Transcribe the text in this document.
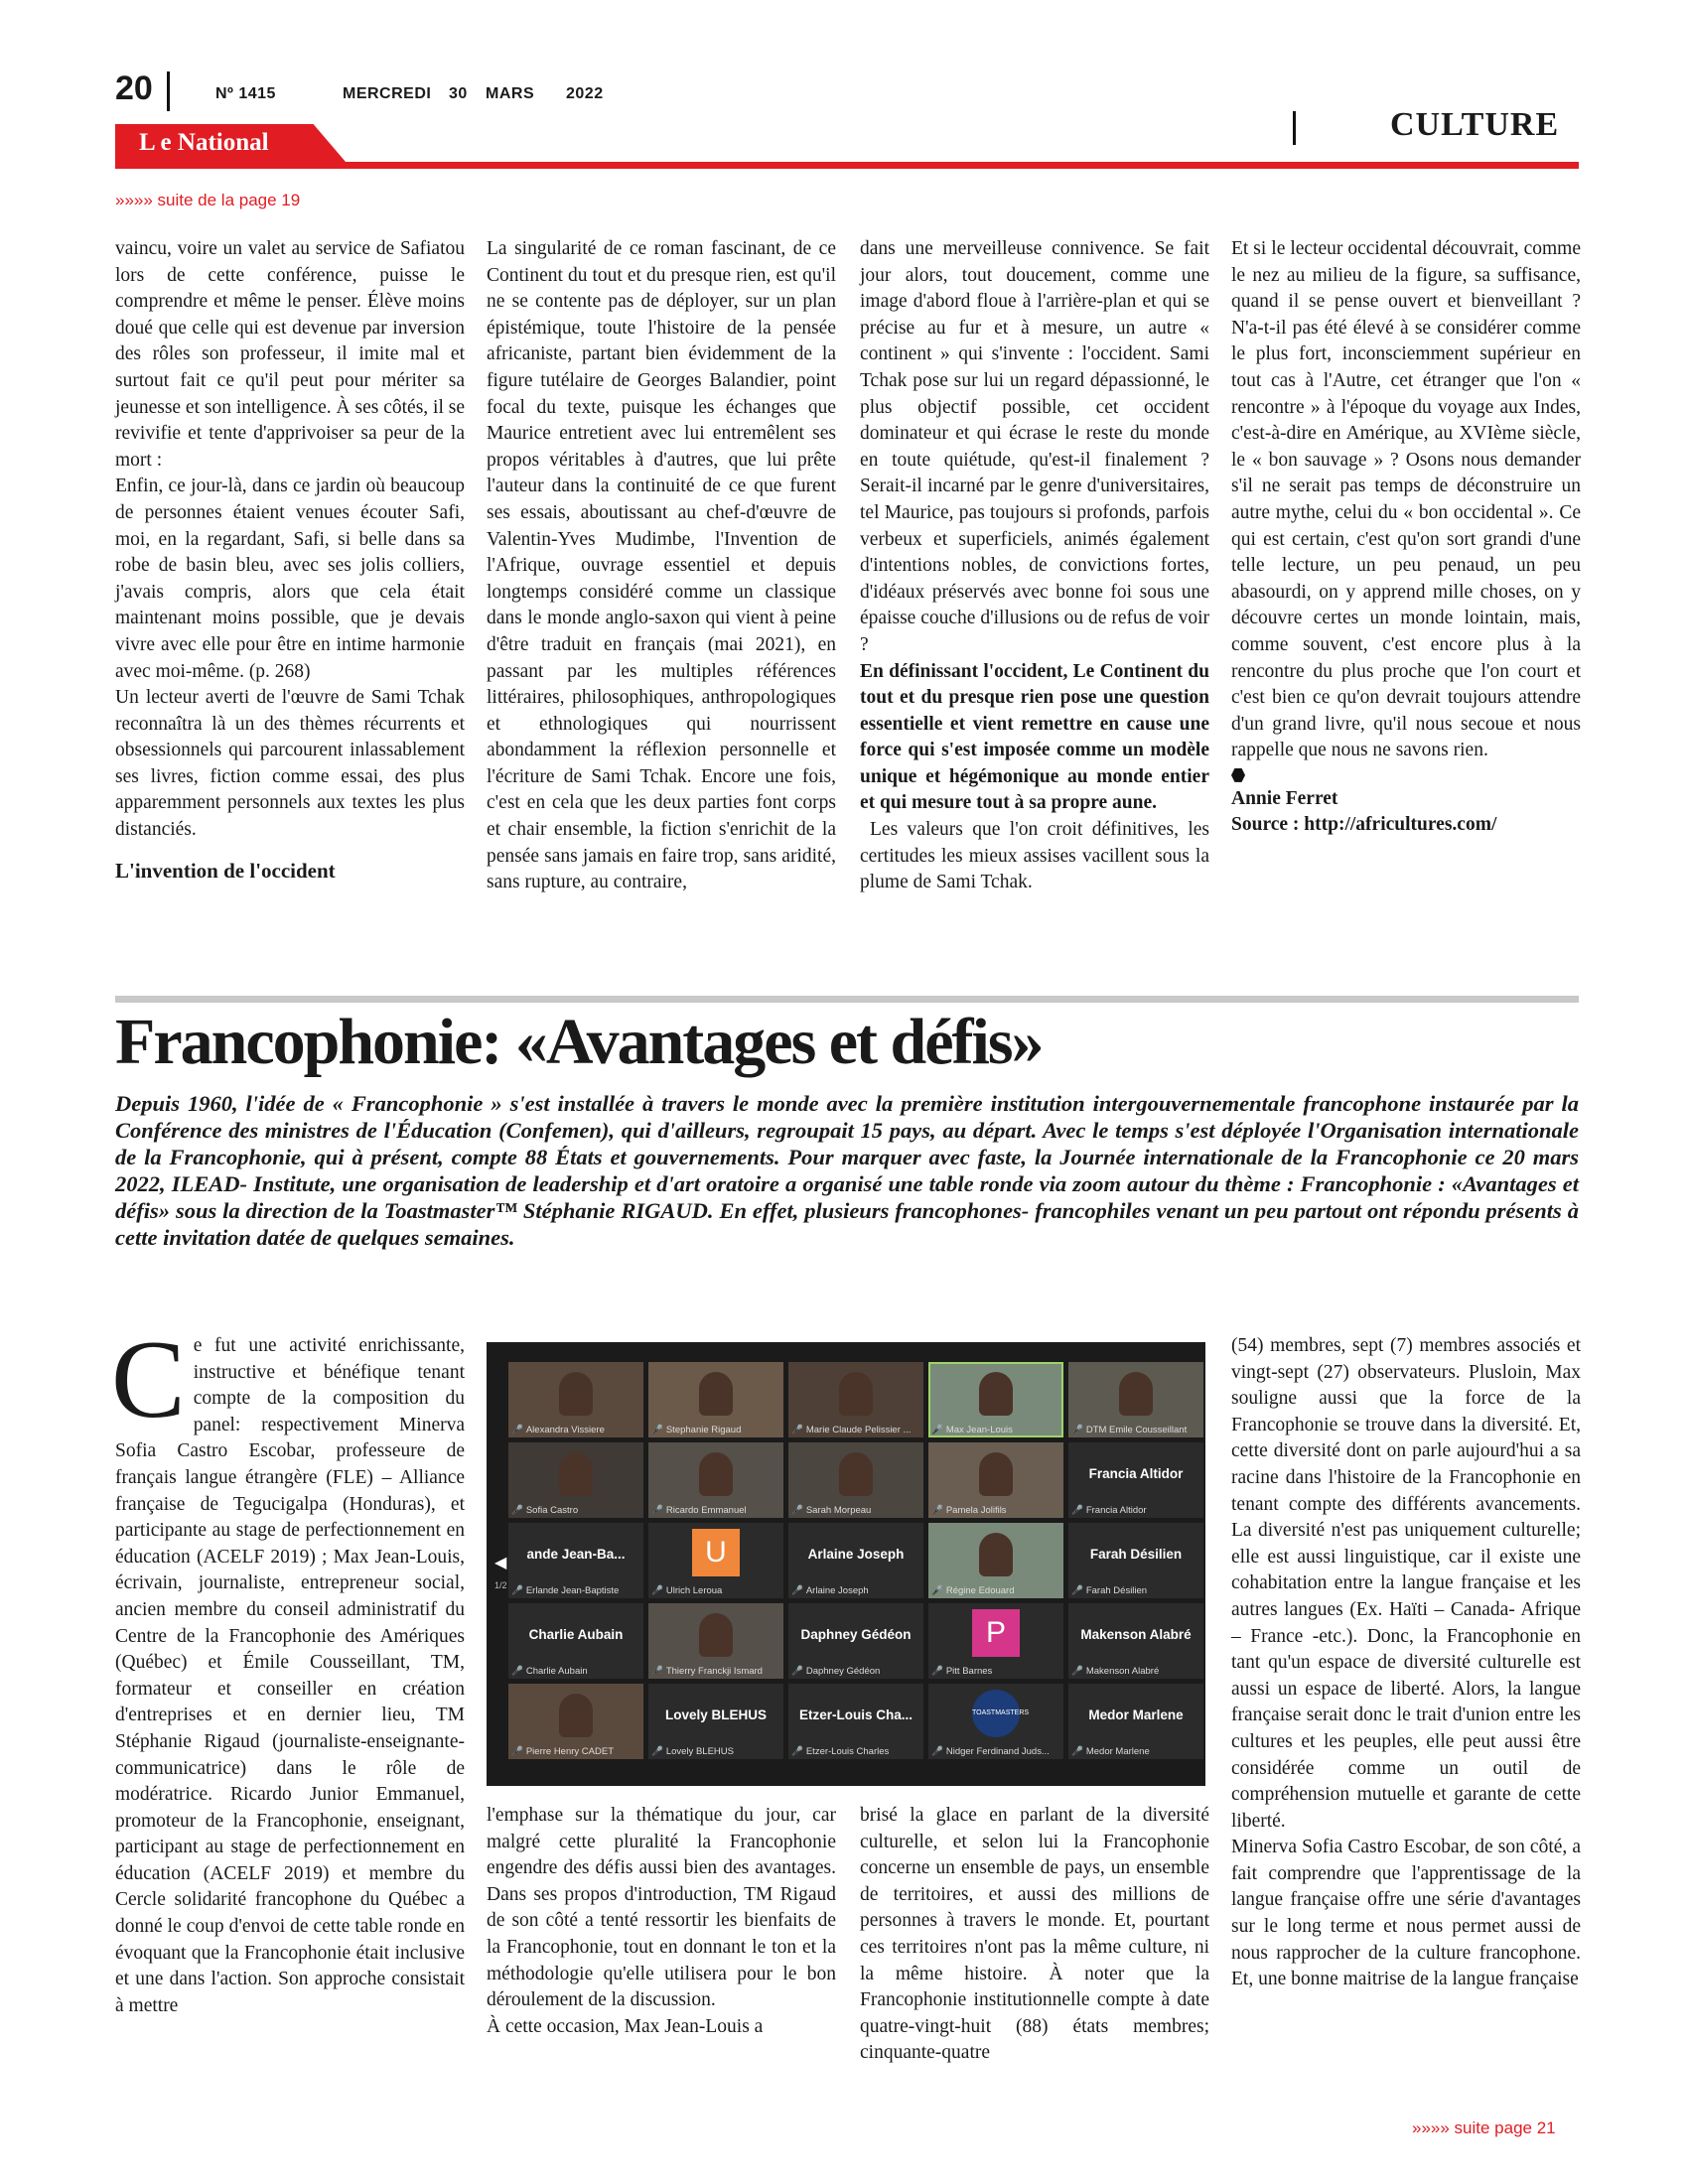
20	Nº 1415	MERCREDI 30 MARS 2022
L e National	CULTURE
»»»» suite de la page 19

vaincu, voire un valet au service de Safiatou lors de cette conférence, puisse le comprendre et même le penser. Élève moins doué que celle qui est devenue par inversion des rôles son professeur, il imite mal et surtout fait ce qu'il peut pour mériter sa jeunesse et son intelligence. À ses côtés, il se revivifie et tente d'apprivoiser sa peur de la mort :

Enfin, ce jour-là, dans ce jardin où beaucoup de personnes étaient venues écouter Safi, moi, en la regardant, Safi, si belle dans sa robe de basin bleu, avec ses jolis colliers, j'avais compris, alors que cela était maintenant moins possible, que je devais vivre avec elle pour être en intime harmonie avec moi-même. (p. 268)

Un lecteur averti de l'œuvre de Sami Tchak reconnaîtra là un des thèmes récurrents et obsessionnels qui parcourent inlassablement ses livres, fiction comme essai, des plus apparemment personnels aux textes les plus distanciés.

L'invention de l'occident

La singularité de ce roman fascinant, de ce Continent du tout et du presque rien, est qu'il ne se contente pas de déployer, sur un plan épistémique, toute l'histoire de la pensée africaniste, partant bien évidemment de la figure tutélaire de Georges Balandier, point focal du texte, puisque les échanges que Maurice entretient avec lui entremêlent ses propos véritables à d'autres, que lui prête l'auteur dans la continuité de ce que furent ses essais, aboutissant au chef-d'œuvre de Valentin-Yves Mudimbe, l'Invention de l'Afrique, ouvrage essentiel et depuis longtemps considéré comme un classique dans le monde anglo-saxon qui vient à peine d'être traduit en français (mai 2021), en passant par les multiples références littéraires, philosophiques, anthropologiques et ethnologiques qui nourrissent abondamment la réflexion personnelle et l'écriture de Sami Tchak. Encore une fois, c'est en cela que les deux parties font corps et chair ensemble, la fiction s'enrichit de la pensée sans jamais en faire trop, sans aridité, sans rupture, au contraire,

dans une merveilleuse connivence. Se fait jour alors, tout doucement, comme une image d'abord floue à l'arrière-plan et qui se précise au fur et à mesure, un autre « continent » qui s'invente : l'occident. Sami Tchak pose sur lui un regard dépassionné, le plus objectif possible, cet occident dominateur et qui écrase le reste du monde en toute quiétude, qu'est-il finalement ? Serait-il incarné par le genre d'universitaires, tel Maurice, pas toujours si profonds, parfois verbeux et superficiels, animés également d'intentions nobles, de convictions fortes, d'idéaux préservés avec bonne foi sous une épaisse couche d'illusions ou de refus de voir ?

En définissant l'occident, Le Continent du tout et du presque rien pose une question essentielle et vient remettre en cause une force qui s'est imposée comme un modèle unique et hégémonique au monde entier et qui mesure tout à sa propre aune.

Les valeurs que l'on croit définitives, les certitudes les mieux assises vacillent sous la plume de Sami Tchak.

Et si le lecteur occidental découvrait, comme le nez au milieu de la figure, sa suffisance, quand il se pense ouvert et bienveillant ? N'a-t-il pas été élevé à se considérer comme le plus fort, inconsciemment supérieur en tout cas à l'Autre, cet étranger que l'on « rencontre » à l'époque du voyage aux Indes, c'est-à-dire en Amérique, au XVIème siècle, le « bon sauvage » ? Osons nous demander s'il ne serait pas temps de déconstruire un autre mythe, celui du « bon occidental ». Ce qui est certain, c'est qu'on sort grandi d'une telle lecture, un peu penaud, un peu abasourdi, on y apprend mille choses, on y découvre certes un monde lointain, mais, comme souvent, c'est encore plus à la rencontre du plus proche que l'on court et c'est bien ce qu'on devrait toujours attendre d'un grand livre, qu'il nous secoue et nous rappelle que nous ne savons rien.

Annie Ferret

Source : http://africultures.com/

Francophonie: «Avantages et défis»
Depuis 1960, l'idée de « Francophonie » s'est installée à travers le monde avec la première institution intergouvernementale francophone instaurée par la Conférence des ministres de l'Éducation (Confemen), qui d'ailleurs, regroupait 15 pays, au départ. Avec le temps s'est déployée l'Organisation internationale de la Francophonie, qui à présent, compte 88 États et gouvernements. Pour marquer avec faste, la Journée internationale de la Francophonie ce 20 mars 2022, ILEAD- Institute, une organisation de leadership et d'art oratoire a organisé une table ronde via zoom autour du thème : Francophonie : «Avantages et défis» sous la direction de la Toastmaster™ Stéphanie RIGAUD. En effet, plusieurs francophones- francophiles venant un peu partout ont répondu présents à cette invitation datée de quelques semaines.

Ce fut une activité enrichissante, instructive et bénéfique tenant compte de la composition du panel: respectivement Minerva Sofia Castro Escobar, professeure de français langue étrangère (FLE) – Alliance française de Tegucigalpa (Honduras), et participante au stage de perfectionnement en éducation (ACELF 2019) ; Max Jean-Louis, écrivain, journaliste, entrepreneur social, ancien membre du conseil administratif du Centre de la Francophonie des Amériques (Québec) et Émile Cousseillant, TM, formateur et conseiller en création d'entreprises et en dernier lieu, TM Stéphanie Rigaud (journaliste-enseignante-communicatrice) dans le rôle de modératrice. Ricardo Junior Emmanuel, promoteur de la Francophonie, enseignant, participant au stage de perfectionnement en éducation (ACELF 2019) et membre du Cercle solidarité francophone du Québec a donné le coup d'envoi de cette table ronde en évoquant que la Francophonie était inclusive et une dans l'action. Son approche consistait à mettre

◀
1/2
🎤 Alexandra Vissiere	🎤 Stephanie Rigaud	🎤 Marie Claude Pelissier ... 🎤 Max Jean-Louis	🎤 DTM Emile Cousseillant
🎤 Sofia Castro	🎤 Ricardo Emmanuel	🎤 Sarah Morpeau	🎤 Pamela Jolifils
Francia Altidor
🎤 Francia Altidor
ande Jean-Ba...
🎤 Erlande Jean-Baptiste
U
🎤 Ulrich Leroua
Arlaine Joseph
🎤 Arlaine Joseph	🎤 Régine Edouard
Farah Désilien
🎤 Farah Désilien
Charlie Aubain
🎤 Charlie Aubain	🎤 Thierry Franckji Ismard
Daphney Gédéon
🎤 Daphney Gédéon
P
🎤 Pitt Barnes
Makenson Alabré
🎤 Makenson Alabré
🎤 Pierre Henry CADET
Lovely BLEHUS
🎤 Lovely BLEHUS
Etzer-Louis Cha...
🎤 Etzer-Louis Charles
TOASTMASTERS
🎤 Nidger Ferdinand Juds...
Medor Marlene
🎤 Medor Marlene

l'emphase sur la thématique du jour, car malgré cette pluralité la Francophonie engendre des défis aussi bien des avantages. Dans ses propos d'introduction, TM Rigaud de son côté a tenté ressortir les bienfaits de la Francophonie, tout en donnant le ton et la méthodologie qu'elle utilisera pour le bon déroulement de la discussion.

À cette occasion, Max Jean-Louis a

brisé la glace en parlant de la diversité culturelle, et selon lui la Francophonie concerne un ensemble de pays, un ensemble de territoires, et aussi des millions de personnes à travers le monde. Et, pourtant ces territoires n'ont pas la même culture, ni la même histoire. À noter que la Francophonie institutionnelle compte à date quatre-vingt-huit (88) états membres; cinquante-quatre

(54) membres, sept (7) membres associés et vingt-sept (27) observateurs. Plusloin, Max souligne aussi que la force de la Francophonie se trouve dans la diversité. Et, cette diversité dont on parle aujourd'hui a sa racine dans l'histoire de la Francophonie en tenant compte des différents avancements. La diversité n'est pas uniquement culturelle; elle est aussi linguistique, car il existe une cohabitation entre la langue française et les autres langues (Ex. Haïti – Canada- Afrique – France -etc.). Donc, la Francophonie en tant qu'un espace de diversité culturelle est aussi un espace de liberté. Alors, la langue française serait donc le trait d'union entre les cultures et les peuples, elle peut aussi être considérée comme un outil de compréhension mutuelle et garante de cette liberté.

Minerva Sofia Castro Escobar, de son côté, a fait comprendre que l'apprentissage de la langue française offre une série d'avantages sur le long terme et nous permet aussi de nous rapprocher de la culture francophone. Et, une bonne maitrise de la langue française

»»»» suite page 21
